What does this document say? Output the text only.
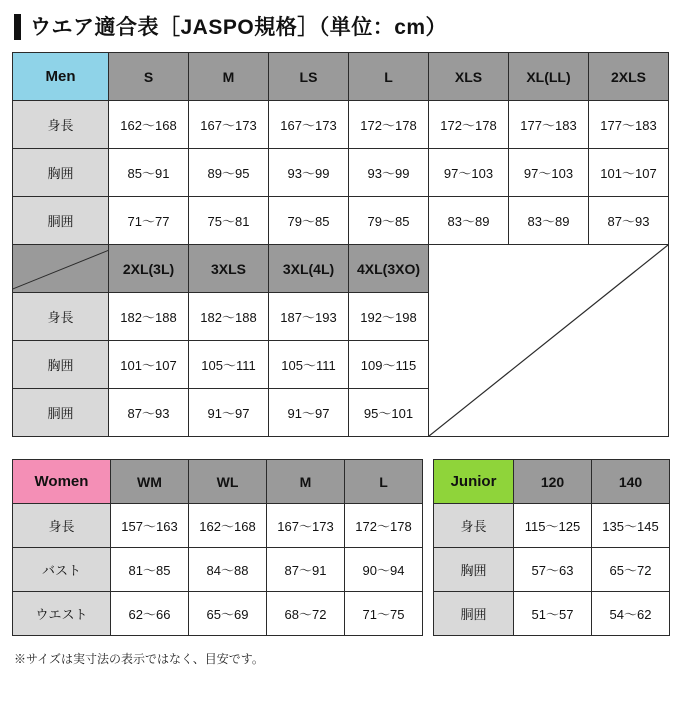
ウエア適合表［JASPO規格］（単位：cm）
Men	S	M	LS	L	XLS	XL(LL)	2XLS
身長	162〜168	167〜173	167〜173	172〜178	172〜178	177〜183	177〜183
胸囲	85〜91	89〜95	93〜99	93〜99	97〜103	97〜103	101〜107
胴囲	71〜77	75〜81	79〜85	79〜85	83〜89	83〜89	87〜93

	2XL(3L)	3XLS	3XL(4L)	4XL(3XO)	

身長	182〜188	182〜188	187〜193	192〜198			
胸囲	101〜107	105〜111	105〜111	109〜115			
胴囲	87〜93	91〜97	91〜97	95〜101			
Women	WM	WL	M	L
身長	157〜163	162〜168	167〜173	172〜178
バスト	81〜85	84〜88	87〜91	90〜94
ウエスト	62〜66	65〜69	68〜72	71〜75
Junior	120	140
身長	115〜125	135〜145
胸囲	57〜63	65〜72
胴囲	51〜57	54〜62
※サイズは実寸法の表示ではなく、目安です。
